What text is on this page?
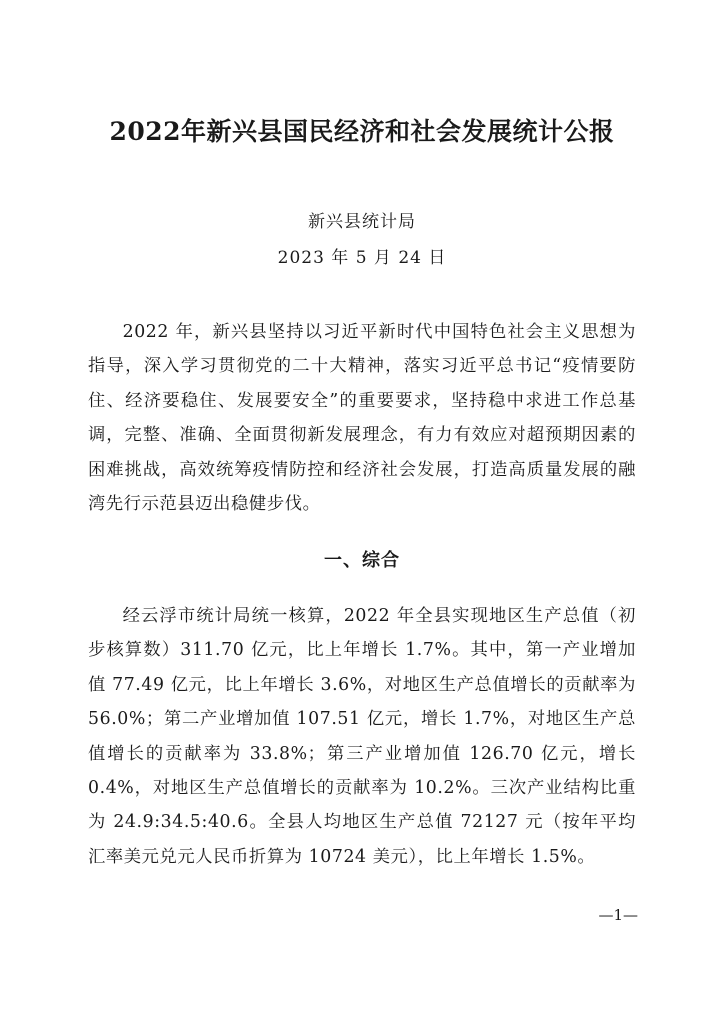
2022年新兴县国民经济和社会发展统计公报
新兴县统计局
2023 年 5 月 24 日

2022 年，新兴县坚持以习近平新时代中国特色社会主义思想为指导，深入学习贯彻党的二十大精神，落实习近平总书记“疫情要防住、经济要稳住、发展要安全”的重要要求，坚持稳中求进工作总基调，完整、准确、全面贯彻新发展理念，有力有效应对超预期因素的困难挑战，高效统筹疫情防控和经济社会发展，打造高质量发展的融湾先行示范县迈出稳健步伐。

一、综合

经云浮市统计局统一核算，2022 年全县实现地区生产总值（初步核算数）311.70 亿元，比上年增长 1.7%。其中，第一产业增加值 77.49 亿元，比上年增长 3.6%，对地区生产总值增长的贡献率为 56.0%；第二产业增加值 107.51 亿元，增长 1.7%，对地区生产总值增长的贡献率为 33.8%；第三产业增加值 126.70 亿元，增长 0.4%，对地区生产总值增长的贡献率为 10.2%。三次产业结构比重为 24.9:34.5:40.6。全县人均地区生产总值 72127 元（按年平均汇率美元兑元人民币折算为 10724 美元），比上年增长 1.5%。

—1—
